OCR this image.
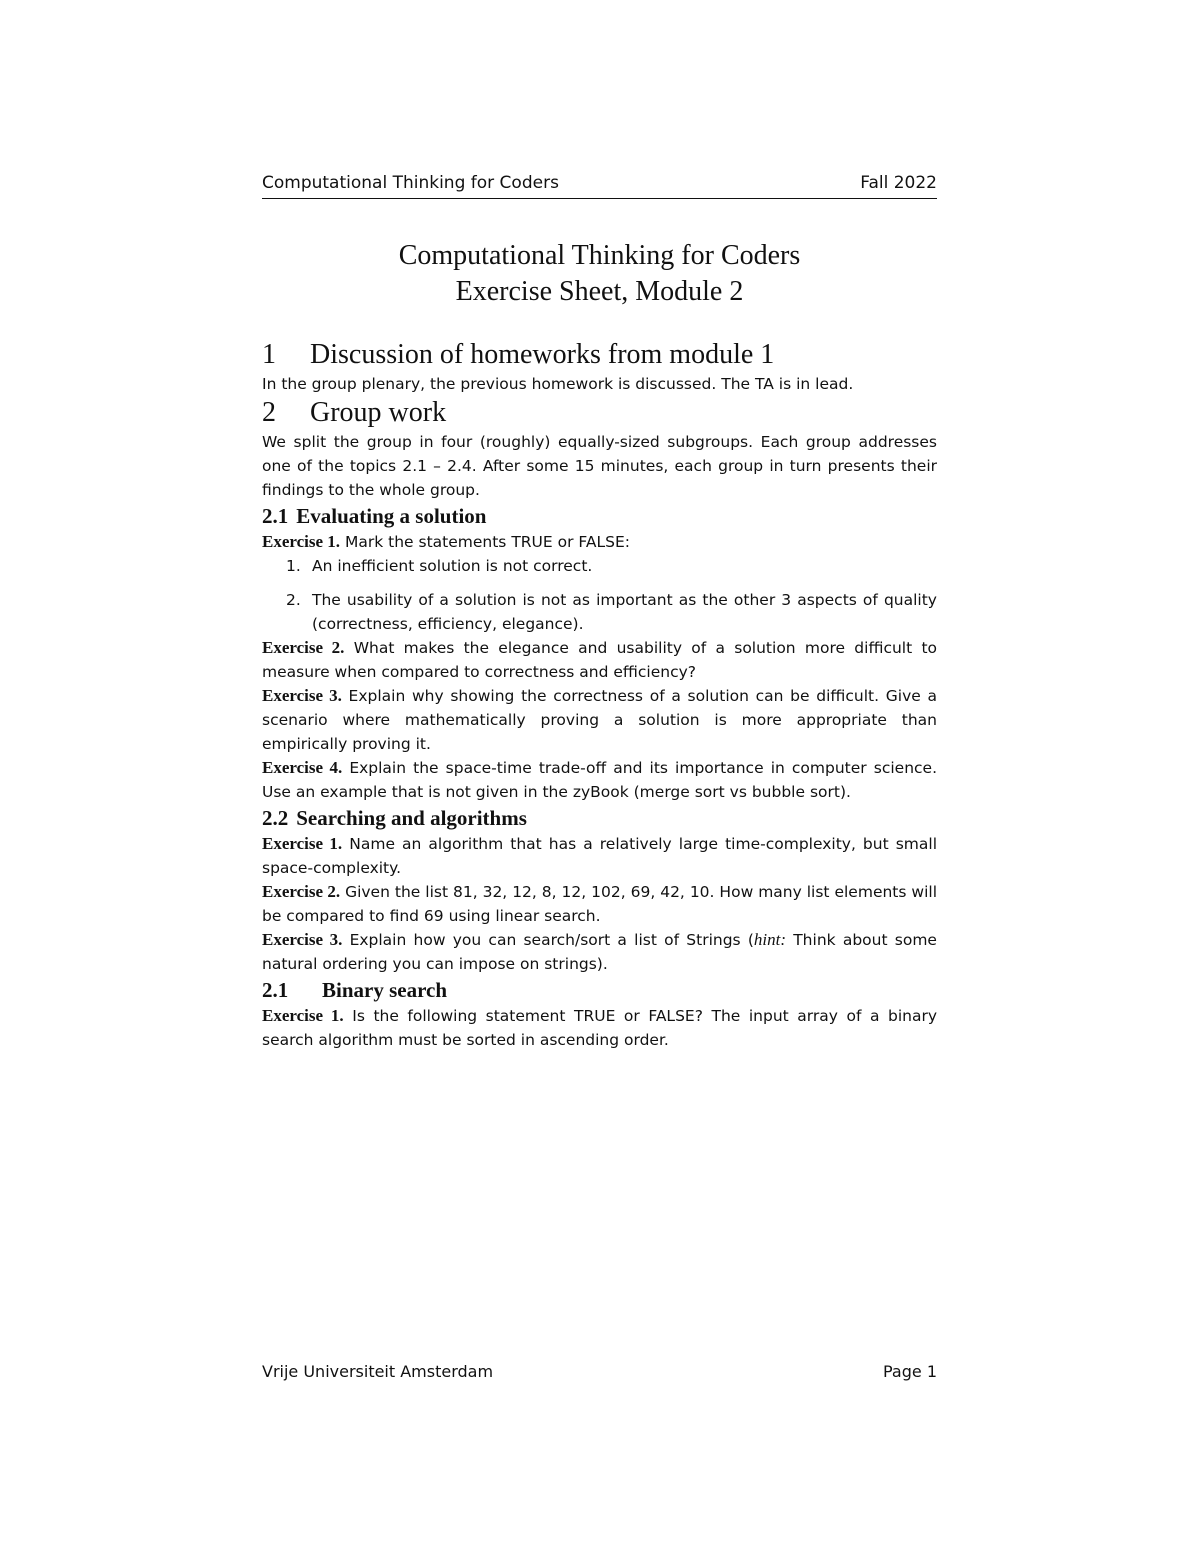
Computational Thinking for Coders	Fall 2022
Computational Thinking for Coders
Exercise Sheet, Module 2
1	Discussion of homeworks from module 1

In the group plenary, the previous homework is discussed. The TA is in lead.

2	Group work

We split the group in four (roughly) equally-sized subgroups. Each group addresses one of the topics 2.1 – 2.4. After some 15 minutes, each group in turn presents their findings to the whole group.

2.1 Evaluating a solution

Exercise 1. Mark the statements TRUE or FALSE:

1. An inefficient solution is not correct.
2. The usability of a solution is not as important as the other 3 aspects of quality (correctness, efficiency, elegance).

Exercise 2. What makes the elegance and usability of a solution more difficult to measure when compared to correctness and efficiency?

Exercise 3. Explain why showing the correctness of a solution can be difficult. Give a scenario where mathematically proving a solution is more appropriate than empirically proving it.

Exercise 4. Explain the space-time trade-off and its importance in computer science. Use an example that is not given in the zyBook (merge sort vs bubble sort).

2.2 Searching and algorithms

Exercise 1. Name an algorithm that has a relatively large time-complexity, but small space-complexity.

Exercise 2. Given the list 81, 32, 12, 8, 12, 102, 69, 42, 10. How many list elements will be compared to find 69 using linear search.

Exercise 3. Explain how you can search/sort a list of Strings (hint: Think about some natural ordering you can impose on strings).

2.1	Binary search

Exercise 1. Is the following statement TRUE or FALSE? The input array of a binary search algorithm must be sorted in ascending order.

Vrije Universiteit Amsterdam	Page 1
